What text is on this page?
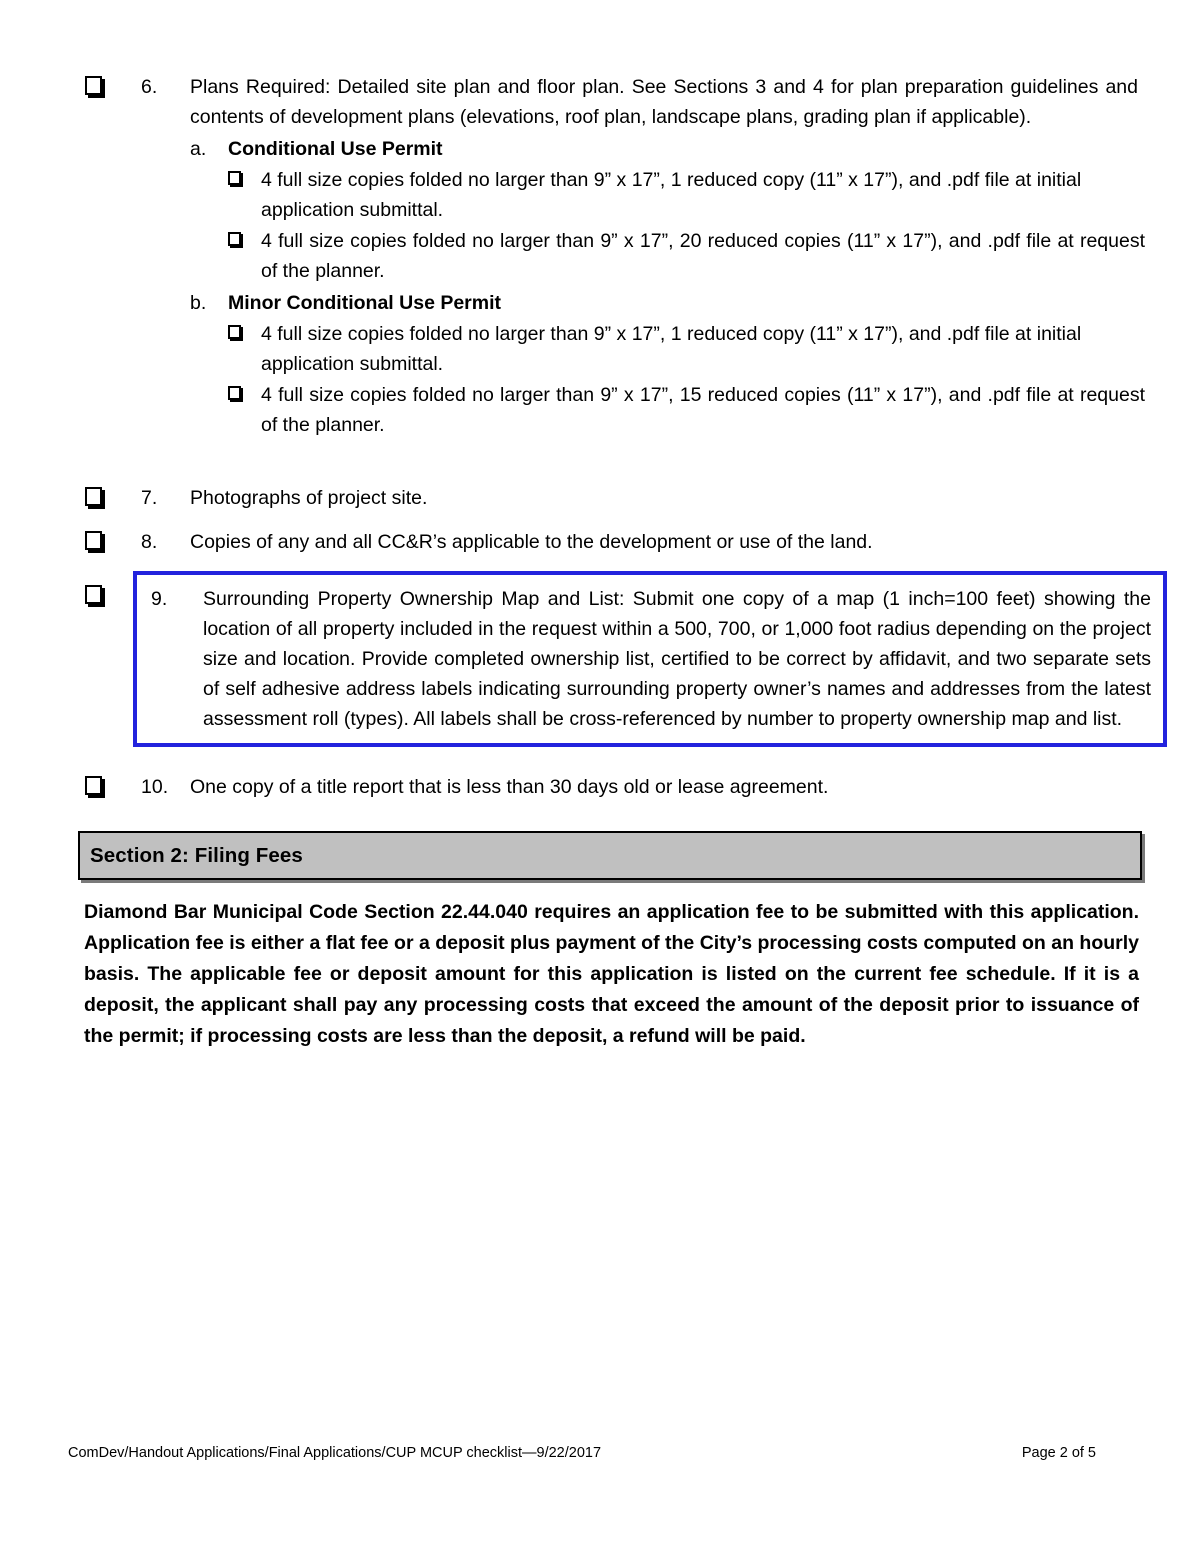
6.	Plans Required: Detailed site plan and floor plan. See Sections 3 and 4 for plan preparation guidelines and contents of development plans (elevations, roof plan, landscape plans, grading plan if applicable).
a.	Conditional Use Permit
4 full size copies folded no larger than 9” x 17”, 1 reduced copy (11” x 17”), and .pdf file at initial application submittal.
4 full size copies folded no larger than 9” x 17”, 20 reduced copies (11” x 17”), and .pdf file at request of the planner.
b.	Minor Conditional Use Permit
4 full size copies folded no larger than 9” x 17”, 1 reduced copy (11” x 17”), and .pdf file at initial application submittal.
4 full size copies folded no larger than 9” x 17”, 15 reduced copies (11” x 17”), and .pdf file at request of the planner.
7.	Photographs of project site.
8.	Copies of any and all CC&R’s applicable to the development or use of the land.
9.	Surrounding Property Ownership Map and List: Submit one copy of a map (1 inch=100 feet) showing the location of all property included in the request within a 500, 700, or 1,000 foot radius depending on the project size and location. Provide completed ownership list, certified to be correct by affidavit, and two separate sets of self adhesive address labels indicating surrounding property owner’s names and addresses from the latest assessment roll (types). All labels shall be cross-referenced by number to property ownership map and list.
10.	One copy of a title report that is less than 30 days old or lease agreement.
Section 2: Filing Fees
Diamond Bar Municipal Code Section 22.44.040 requires an application fee to be submitted with this application. Application fee is either a flat fee or a deposit plus payment of the City’s processing costs computed on an hourly basis. The applicable fee or deposit amount for this application is listed on the current fee schedule. If it is a deposit, the applicant shall pay any processing costs that exceed the amount of the deposit prior to issuance of the permit; if processing costs are less than the deposit, a refund will be paid.
ComDev/Handout Applications/Final Applications/CUP MCUP checklist—9/22/2017	Page 2 of 5
